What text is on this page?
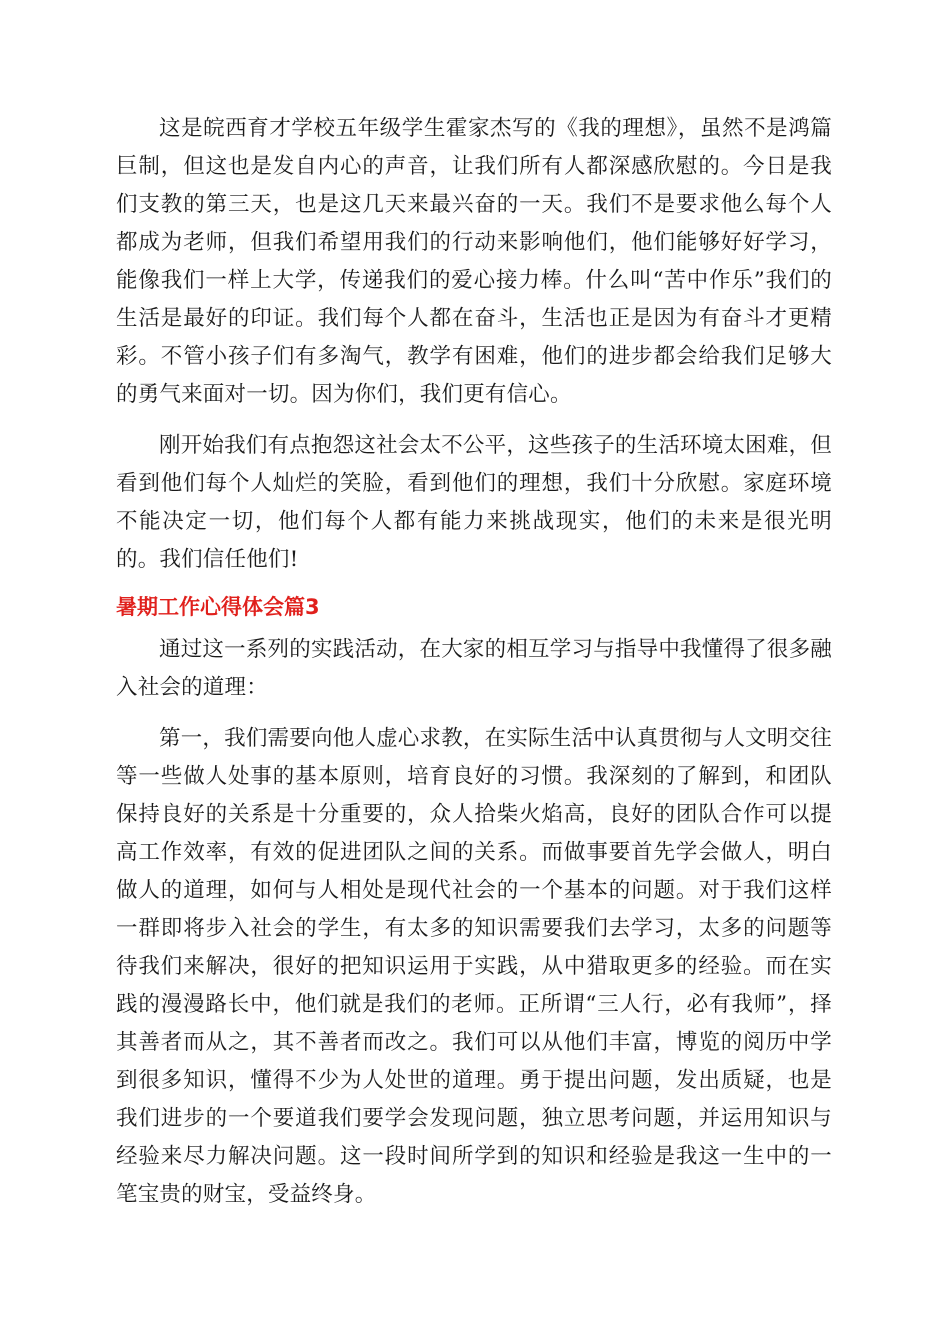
这是皖西育才学校五年级学生霍家杰写的《我的理想》，虽然不是鸿篇巨制，但这也是发自内心的声音，让我们所有人都深感欣慰的。今日是我们支教的第三天，也是这几天来最兴奋的一天。我们不是要求他么每个人都成为老师，但我们希望用我们的行动来影响他们，他们能够好好学习，能像我们一样上大学，传递我们的爱心接力棒。什么叫“苦中作乐”我们的生活是最好的印证。我们每个人都在奋斗，生活也正是因为有奋斗才更精彩。不管小孩子们有多淘气，教学有困难，他们的进步都会给我们足够大的勇气来面对一切。因为你们，我们更有信心。

刚开始我们有点抱怨这社会太不公平，这些孩子的生活环境太困难，但看到他们每个人灿烂的笑脸，看到他们的理想，我们十分欣慰。家庭环境不能决定一切，他们每个人都有能力来挑战现实，他们的未来是很光明的。我们信任他们!

暑期工作心得体会篇3

通过这一系列的实践活动，在大家的相互学习与指导中我懂得了很多融入社会的道理：

第一，我们需要向他人虚心求教，在实际生活中认真贯彻与人文明交往等一些做人处事的基本原则，培育良好的习惯。我深刻的了解到，和团队保持良好的关系是十分重要的，众人拾柴火焰高，良好的团队合作可以提高工作效率，有效的促进团队之间的关系。而做事要首先学会做人，明白做人的道理，如何与人相处是现代社会的一个基本的问题。对于我们这样一群即将步入社会的学生，有太多的知识需要我们去学习，太多的问题等待我们来解决，很好的把知识运用于实践，从中猎取更多的经验。而在实践的漫漫路长中，他们就是我们的老师。正所谓“三人行，必有我师”，择其善者而从之，其不善者而改之。我们可以从他们丰富，博览的阅历中学到很多知识，懂得不少为人处世的道理。勇于提出问题，发出质疑，也是我们进步的一个要道我们要学会发现问题，独立思考问题，并运用知识与经验来尽力解决问题。这一段时间所学到的知识和经验是我这一生中的一笔宝贵的财宝，受益终身。
